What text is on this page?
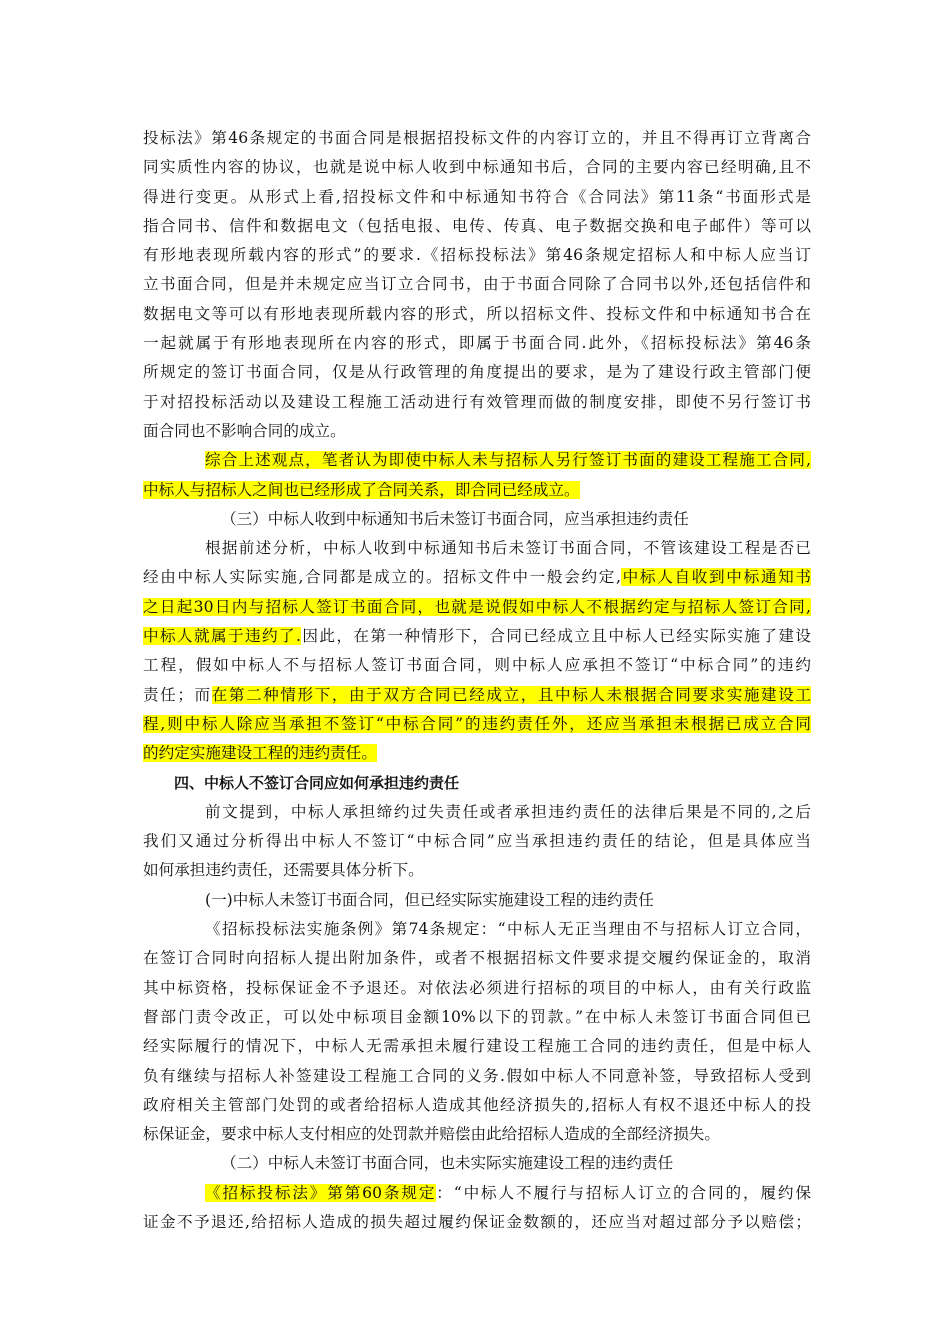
投标法》第46条规定的书面合同是根据招投标文件的内容订立的，并且不得再订立背离合
同实质性内容的协议，也就是说中标人收到中标通知书后，合同的主要内容已经明确,且不
得进行变更。从形式上看,招投标文件和中标通知书符合《合同法》第11条“书面形式是
指合同书、信件和数据电文（包括电报、电传、传真、电子数据交换和电子邮件）等可以
有形地表现所载内容的形式”的要求.《招标投标法》第46条规定招标人和中标人应当订
立书面合同，但是并未规定应当订立合同书，由于书面合同除了合同书以外,还包括信件和
数据电文等可以有形地表现所载内容的形式，所以招标文件、投标文件和中标通知书合在
一起就属于有形地表现所在内容的形式，即属于书面合同.此外，《招标投标法》第46条
所规定的签订书面合同，仅是从行政管理的角度提出的要求，是为了建设行政主管部门便
于对招投标活动以及建设工程施工活动进行有效管理而做的制度安排，即使不另行签订书
面合同也不影响合同的成立。
综合上述观点，笔者认为即使中标人未与招标人另行签订书面的建设工程施工合同,
中标人与招标人之间也已经形成了合同关系，即合同已经成立。
（三）中标人收到中标通知书后未签订书面合同，应当承担违约责任
根据前述分析，中标人收到中标通知书后未签订书面合同，不管该建设工程是否已
经由中标人实际实施,合同都是成立的。招标文件中一般会约定,中标人自收到中标通知书
之日起30日内与招标人签订书面合同，也就是说假如中标人不根据约定与招标人签订合同,
中标人就属于违约了.因此，在第一种情形下，合同已经成立且中标人已经实际实施了建设
工程，假如中标人不与招标人签订书面合同，则中标人应承担不签订“中标合同”的违约
责任；而在第二种情形下，由于双方合同已经成立，且中标人未根据合同要求实施建设工
程,则中标人除应当承担不签订“中标合同”的违约责任外，还应当承担未根据已成立合同
的约定实施建设工程的违约责任。
四、中标人不签订合同应如何承担违约责任
前文提到，中标人承担缔约过失责任或者承担违约责任的法律后果是不同的,之后
我们又通过分析得出中标人不签订“中标合同”应当承担违约责任的结论，但是具体应当
如何承担违约责任，还需要具体分析下。
(一)中标人未签订书面合同，但已经实际实施建设工程的违约责任
《招标投标法实施条例》第74条规定：“中标人无正当理由不与招标人订立合同，
在签订合同时向招标人提出附加条件，或者不根据招标文件要求提交履约保证金的，取消
其中标资格，投标保证金不予退还。对依法必须进行招标的项目的中标人，由有关行政监
督部门责令改正，可以处中标项目金额10%以下的罚款。”在中标人未签订书面合同但已
经实际履行的情况下，中标人无需承担未履行建设工程施工合同的违约责任，但是中标人
负有继续与招标人补签建设工程施工合同的义务.假如中标人不同意补签，导致招标人受到
政府相关主管部门处罚的或者给招标人造成其他经济损失的,招标人有权不退还中标人的投
标保证金，要求中标人支付相应的处罚款并赔偿由此给招标人造成的全部经济损失。
（二）中标人未签订书面合同，也未实际实施建设工程的违约责任
《招标投标法》第第60条规定：“中标人不履行与招标人订立的合同的，履约保
证金不予退还,给招标人造成的损失超过履约保证金数额的，还应当对超过部分予以赔偿；
